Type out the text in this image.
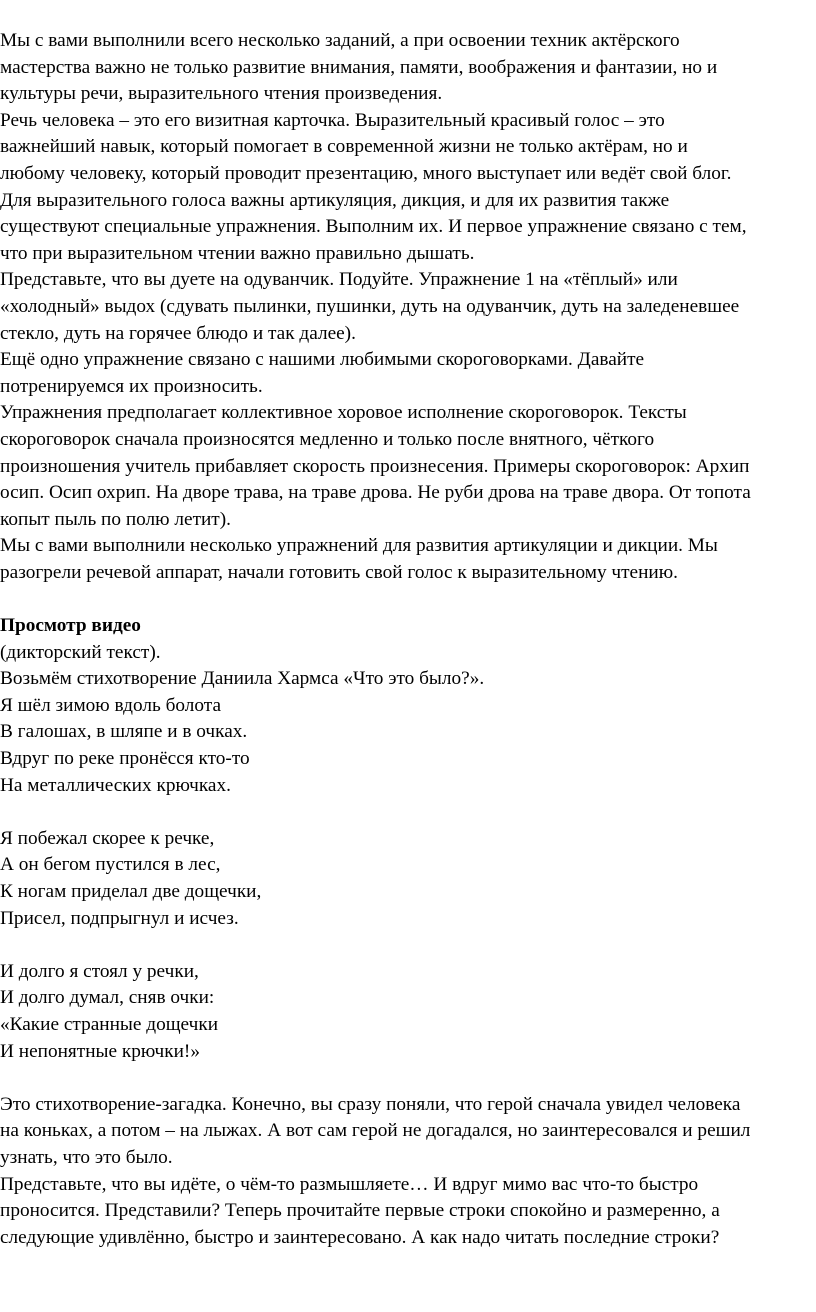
Мы с вами выполнили всего несколько заданий, а при освоении техник актёрского
мастерства важно не только развитие внимания, памяти, воображения и фантазии, но и
культуры речи, выразительного чтения произведения.
Речь человека – это его визитная карточка. Выразительный красивый голос – это
важнейший навык, который помогает в современной жизни не только актёрам, но и
любому человеку, который проводит презентацию, много выступает или ведёт свой блог.
Для выразительного голоса важны артикуляция, дикция, и для их развития также
существуют специальные упражнения. Выполним их. И первое упражнение связано с тем,
что при выразительном чтении важно правильно дышать.
Представьте, что вы дуете на одуванчик. Подуйте. Упражнение 1 на «тёплый» или
«холодный» выдох (сдувать пылинки, пушинки, дуть на одуванчик, дуть на заледеневшее
стекло, дуть на горячее блюдо и так далее).
Ещё одно упражнение связано с нашими любимыми скороговорками. Давайте
потренируемся их произносить.
Упражнения предполагает коллективное хоровое исполнение скороговорок. Тексты
скороговорок сначала произносятся медленно и только после внятного, чёткого
произношения учитель прибавляет скорость произнесения. Примеры скороговорок: Архип
осип. Осип охрип. На дворе трава, на траве дрова. Не руби дрова на траве двора. От топота
копыт пыль по полю летит).
Мы с вами выполнили несколько упражнений для развития артикуляции и дикции. Мы
разогрели речевой аппарат, начали готовить свой голос к выразительному чтению.
Просмотр видео
(дикторский текст).
Возьмём стихотворение Даниила Хармса «Что это было?».
Я шёл зимою вдоль болота
В галошах, в шляпе и в очках.
Вдруг по реке пронёсся кто-то
На металлических крючках.
Я побежал скорее к речке,
А он бегом пустился в лес,
К ногам приделал две дощечки,
Присел, подпрыгнул и исчез.
И долго я стоял у речки,
И долго думал, сняв очки:
«Какие странные дощечки
И непонятные крючки!»
Это стихотворение-загадка. Конечно, вы сразу поняли, что герой сначала увидел человека
на коньках, а потом – на лыжах. А вот сам герой не догадался, но заинтересовался и решил
узнать, что это было.
Представьте, что вы идёте, о чём-то размышляете… И вдруг мимо вас что-то быстро
проносится. Представили? Теперь прочитайте первые строки спокойно и размеренно, а
следующие удивлённо, быстро и заинтересовано. А как надо читать последние строки?
